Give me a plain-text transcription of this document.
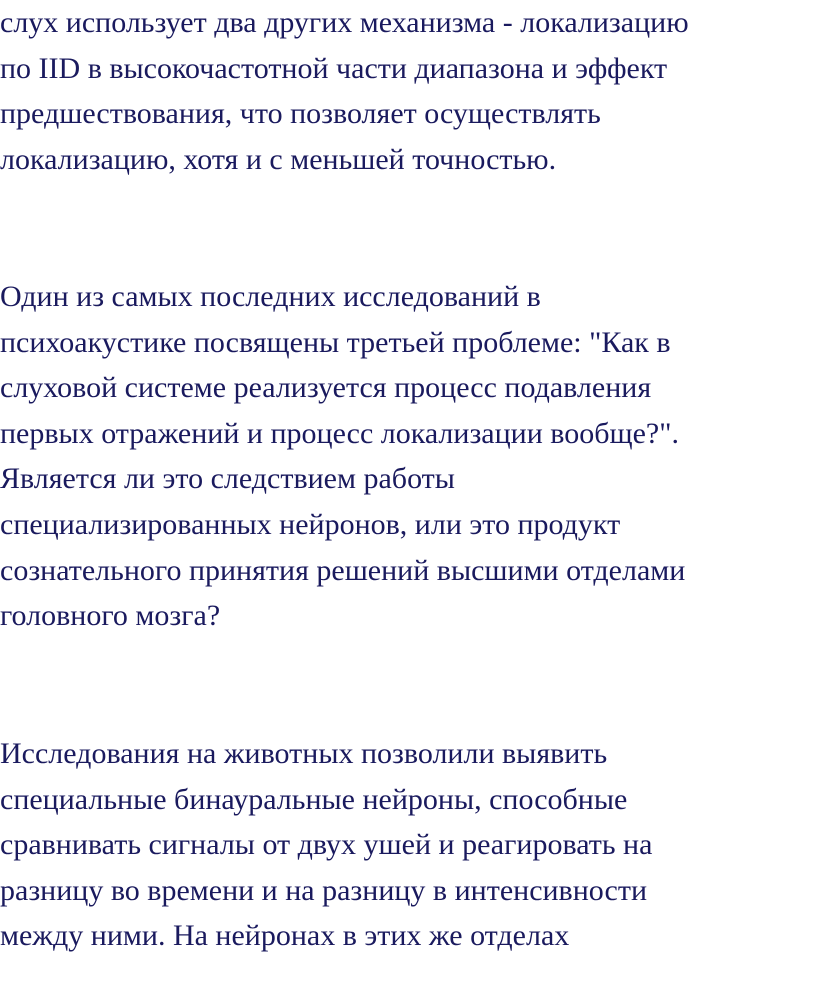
слух использует два других механизма - локализацию
по IID в высокочастотной части диапазона и эффект
предшествования, что позволяет осуществлять
локализацию, хотя и с меньшей точностью.

Один из самых последних исследований в
психоакустике посвящены третьей проблеме: "Как в
слуховой системе реализуется процесс подавления
первых отражений и процесс локализации вообще?".
Является ли это следствием работы
специализированных нейронов, или это продукт
сознательного принятия решений высшими отделами
головного мозга?

Исследования на животных позволили выявить
специальные бинауральные нейроны, способные
сравнивать сигналы от двух ушей и реагировать на
разницу во времени и на разницу в интенсивности
между ними. На нейронах в этих же отделах
